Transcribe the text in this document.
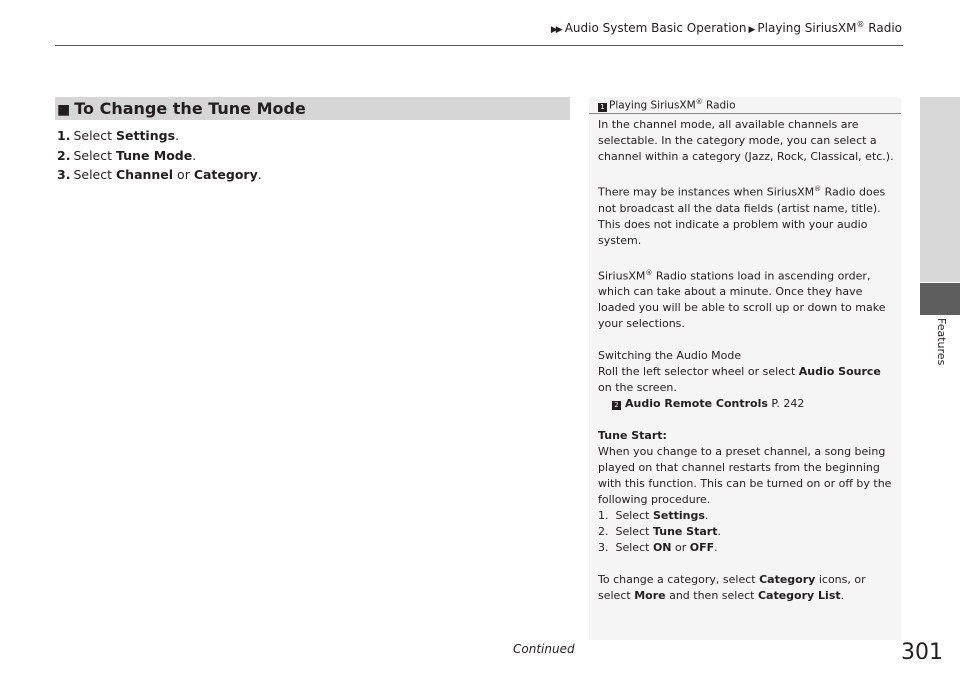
▶▶ Audio System Basic Operation ▶ Playing SiriusXM® Radio
Features
■ To Change the Tune Mode
1. Select Settings.
2. Select Tune Mode.
3. Select Channel or Category.
1 Playing SiriusXM® Radio

In the channel mode, all available channels are selectable. In the category mode, you can select a channel within a category (Jazz, Rock, Classical, etc.).

There may be instances when SiriusXM® Radio does not broadcast all the data fields (artist name, title). This does not indicate a problem with your audio system.

SiriusXM® Radio stations load in ascending order, which can take about a minute. Once they have loaded you will be able to scroll up or down to make your selections.

Switching the Audio Mode
Roll the left selector wheel or select Audio Source on the screen.
2 Audio Remote Controls P. 242

Tune Start:
When you change to a preset channel, a song being played on that channel restarts from the beginning with this function. This can be turned on or off by the following procedure.
1. Select Settings.
2. Select Tune Start.
3. Select ON or OFF.

To change a category, select Category icons, or select More and then select Category List.

Continued	301
